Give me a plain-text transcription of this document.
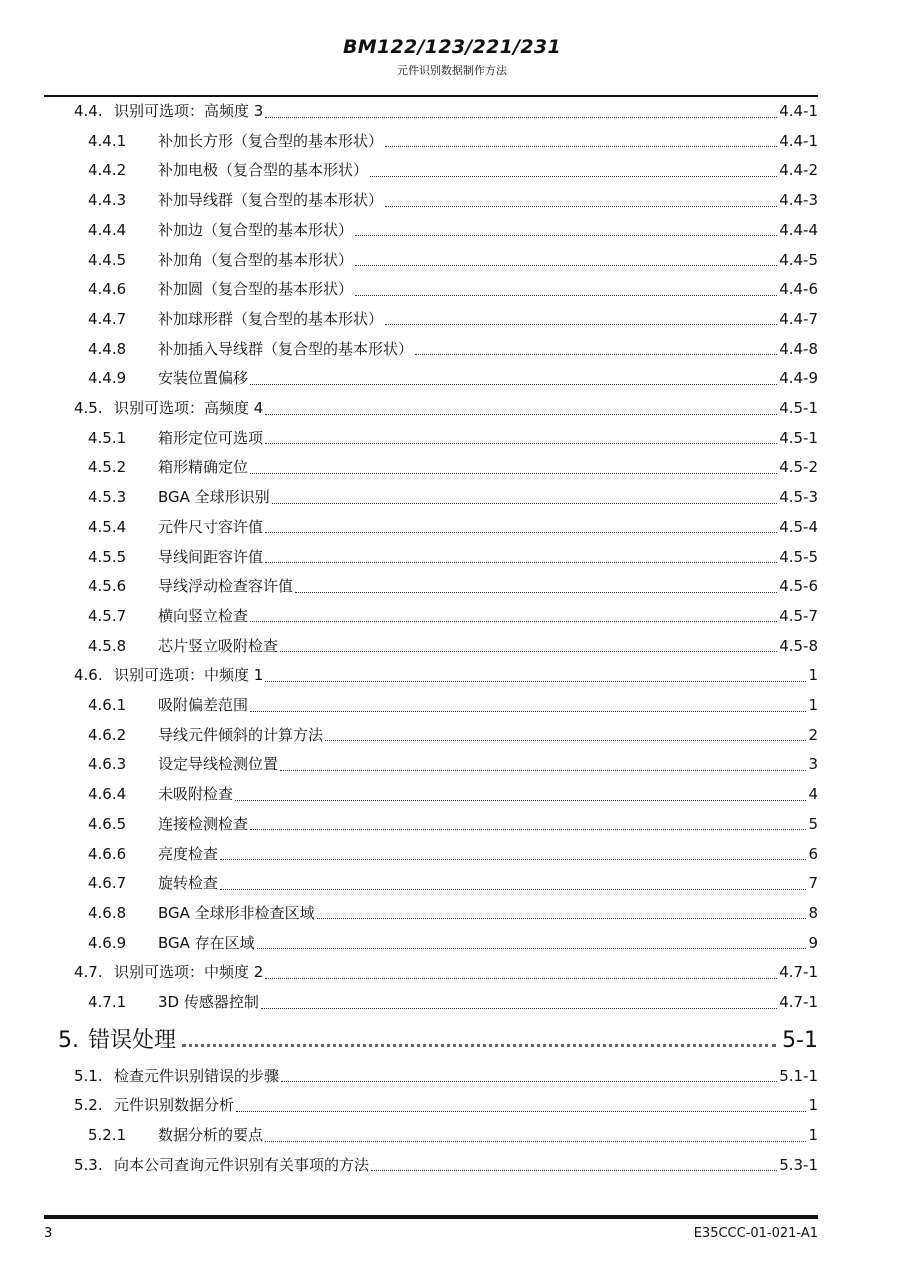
BM122/123/221/231
元件识别数据制作方法
4.4. 识别可选项：高频度 3	4.4-1
4.4.1	补加长方形（复合型的基本形状）	4.4-1
4.4.2	补加电极（复合型的基本形状）	4.4-2
4.4.3	补加导线群（复合型的基本形状）	4.4-3
4.4.4	补加边（复合型的基本形状）	4.4-4
4.4.5	补加角（复合型的基本形状）	4.4-5
4.4.6	补加圆（复合型的基本形状）	4.4-6
4.4.7	补加球形群（复合型的基本形状）	4.4-7
4.4.8	补加插入导线群（复合型的基本形状）	4.4-8
4.4.9	安装位置偏移	4.4-9
4.5. 识别可选项：高频度 4	4.5-1
4.5.1	箱形定位可选项	4.5-1
4.5.2	箱形精确定位	4.5-2
4.5.3	BGA 全球形识别	4.5-3
4.5.4	元件尺寸容许值	4.5-4
4.5.5	导线间距容许值	4.5-5
4.5.6	导线浮动检查容许值	4.5-6
4.5.7	横向竖立检查	4.5-7
4.5.8	芯片竖立吸附检查	4.5-8
4.6. 识别可选项：中频度 1	1
4.6.1	吸附偏差范围	1
4.6.2	导线元件倾斜的计算方法	2
4.6.3	设定导线检测位置	3
4.6.4	未吸附检查	4
4.6.5	连接检测检查	5
4.6.6	亮度检查	6
4.6.7	旋转检查	7
4.6.8	BGA 全球形非检查区域	8
4.6.9	BGA 存在区域	9
4.7. 识别可选项：中频度 2	4.7-1
4.7.1	3D 传感器控制	4.7-1
5. 错误处理	5-1
5.1. 检查元件识别错误的步骤	5.1-1
5.2. 元件识别数据分析	1
5.2.1	数据分析的要点	1
5.3. 向本公司查询元件识别有关事项的方法	5.3-1
3	E35CCC-01-021-A1
